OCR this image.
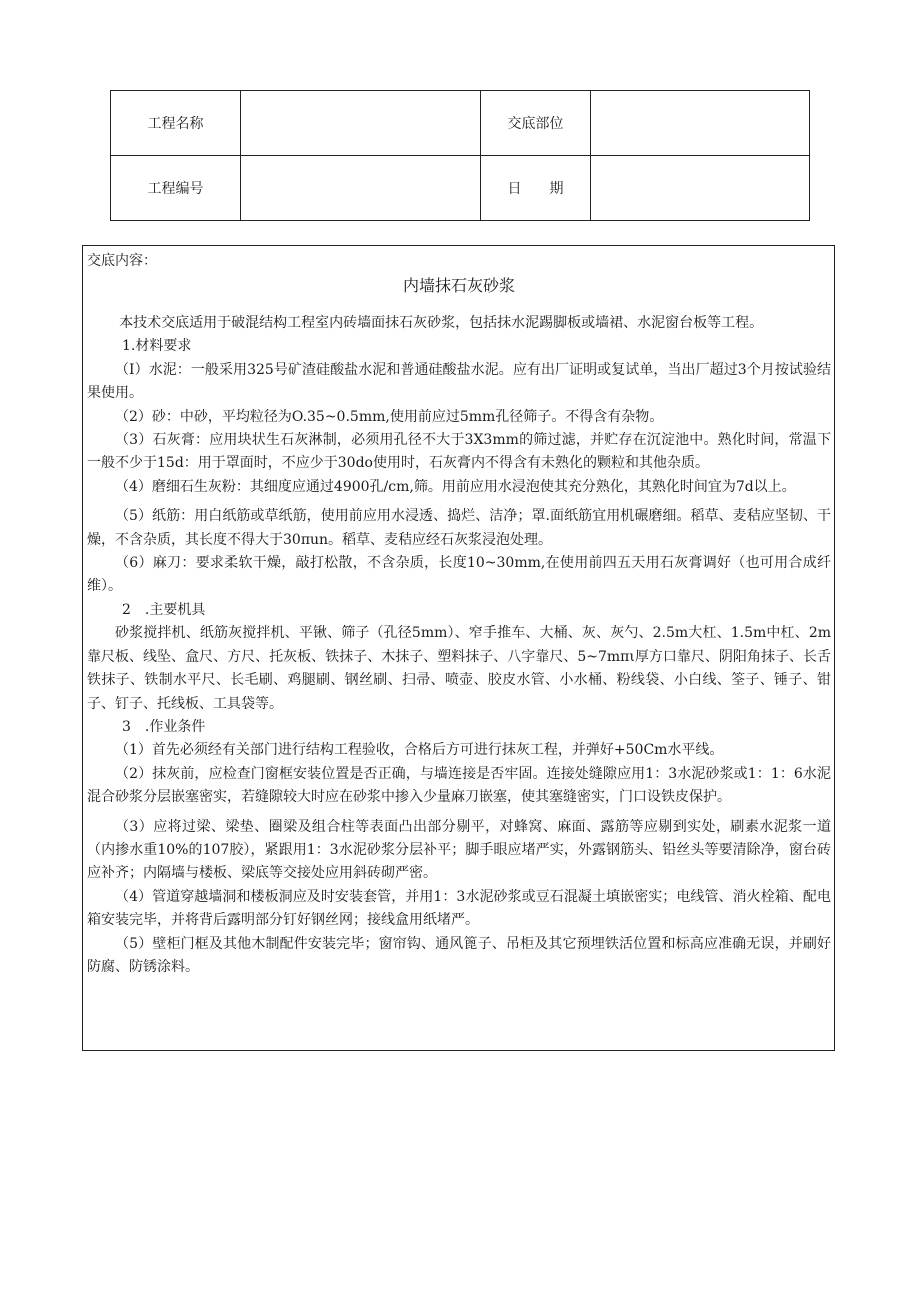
工程名称		交底部位	
工程编号		日　　期	
交底内容：
内墙抹石灰砂浆

本技术交底适用于破混结构工程室内砖墙面抹石灰砂浆，包括抹水泥踢脚板或墙裙、水泥窗台板等工程。

1.材料要求

（I）水泥：一般采用325号矿渣硅酸盐水泥和普通硅酸盐水泥。应有出厂证明或复试单，当出厂超过3个月按试验结果使用。

（2）砂：中砂，平均粒径为O.35~0.5mm,使用前应过5mm孔径筛子。不得含有杂物。

（3）石灰膏：应用块状生石灰淋制，必须用孔径不大于3X3mm的筛过滤，并贮存在沉淀池中。熟化时间，常温下一般不少于15d：用于罩面时，不应少于30do使用时，石灰膏内不得含有未熟化的颗粒和其他杂质。

（4）磨细石生灰粉：其细度应通过4900孔/cm,筛。用前应用水浸泡使其充分熟化，其熟化时间宜为7d以上。

（5）纸筋：用白纸筋或草纸筋，使用前应用水浸透、捣烂、洁净；罩.面纸筋宜用机碾磨细。稻草、麦秸应坚韧、干燥，不含杂质，其长度不得大于30πun。稻草、麦秸应经石灰浆浸泡处理。

（6）麻刀：要求柔软干燥，敲打松散，不含杂质，长度10~30mm,在使用前四五天用石灰膏调好（也可用合成纤维）。

2　.主要机具

砂浆搅拌机、纸筋灰搅拌机、平锹、筛子（孔径5mm）、窄手推车、大桶、灰、灰勺、2.5m大杠、1.5m中杠、2m靠尺板、线坠、盒尺、方尺、托灰板、铁抹子、木抹子、塑料抹子、八字靠尺、5~7mπι厚方口靠尺、阴阳角抹子、长舌铁抹子、铁制水平尺、长毛刷、鸡腿刷、钢丝刷、扫帚、喷壶、胶皮水管、小水桶、粉线袋、小白线、筌子、锤子、钳子、钉子、托线板、工具袋等。

3　.作业条件

（1）首先必须经有关部门进行结构工程验收，合格后方可进行抹灰工程，并弹好+50Cm水平线。

（2）抹灰前，应检查门窗框安装位置是否正确，与墙连接是否牢固。连接处缝隙应用1：3水泥砂浆或1：1：6水泥混合砂浆分层嵌塞密实，若缝隙较大时应在砂浆中掺入少量麻刀嵌塞，使其塞缝密实，门口设铁皮保护。

（3）应将过梁、梁垫、圈梁及组合柱等表面凸出部分剔平，对蜂窝、麻面、露筋等应剔到实处，刷素水泥浆一道（内掺水重10%的107胶），紧跟用1：3水泥砂浆分层补平；脚手眼应堵严实，外露钢筋头、铅丝头等要清除净，窗台砖应补齐；内隔墙与楼板、梁底等交接处应用斜砖砌严密。

（4）管道穿越墙洞和楼板洞应及时安装套管，并用1：3水泥砂浆或豆石混凝土填嵌密实；电线管、消火栓箱、配电箱安装完毕，并将背后露明部分钉好钢丝网；接线盒用纸堵严。

（5）壁柜门框及其他木制配件安装完毕；窗帘钩、通风篦子、吊柜及其它预埋铁活位置和标高应准确无误，并刷好防腐、防锈涂料。
